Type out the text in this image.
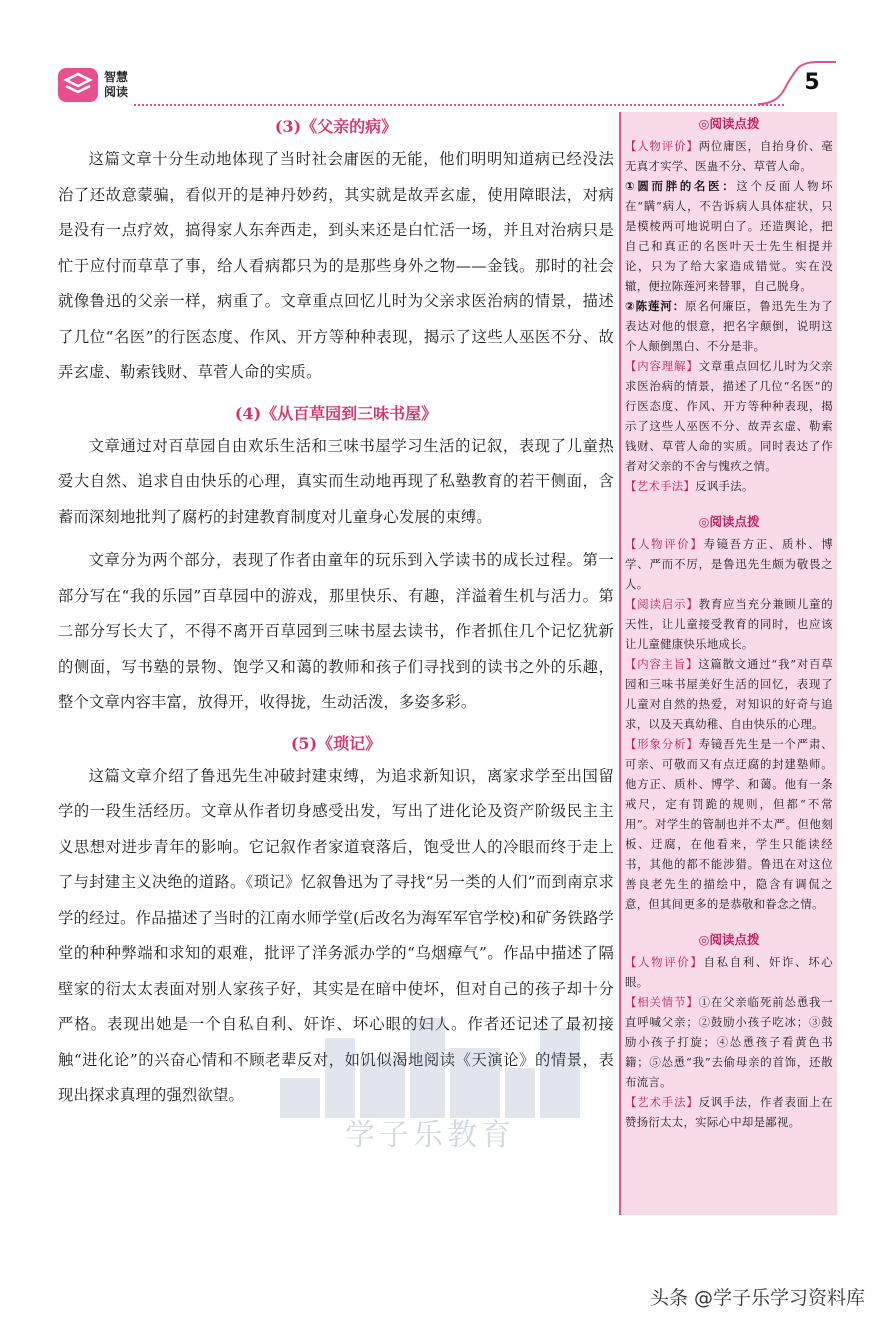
智慧阅读	5
(3)《父亲的病》

这篇文章十分生动地体现了当时社会庸医的无能，他们明明知道病已经没法治了还故意蒙骗，看似开的是神丹妙药，其实就是故弄玄虚，使用障眼法，对病是没有一点疗效，搞得家人东奔西走，到头来还是白忙活一场，并且对治病只是忙于应付而草草了事，给人看病都只为的是那些身外之物——金钱。那时的社会就像鲁迅的父亲一样，病重了。文章重点回忆儿时为父亲求医治病的情景，描述了几位“名医”的行医态度、作风、开方等种种表现，揭示了这些人巫医不分、故弄玄虚、勒索钱财、草菅人命的实质。

(4)《从百草园到三味书屋》

文章通过对百草园自由欢乐生活和三味书屋学习生活的记叙，表现了儿童热爱大自然、追求自由快乐的心理，真实而生动地再现了私塾教育的若干侧面，含蓄而深刻地批判了腐朽的封建教育制度对儿童身心发展的束缚。

文章分为两个部分，表现了作者由童年的玩乐到入学读书的成长过程。第一部分写在“我的乐园”百草园中的游戏，那里快乐、有趣，洋溢着生机与活力。第二部分写长大了，不得不离开百草园到三味书屋去读书，作者抓住几个记忆犹新的侧面，写书塾的景物、饱学又和蔼的教师和孩子们寻找到的读书之外的乐趣，整个文章内容丰富，放得开，收得拢，生动活泼，多姿多彩。

(5)《琐记》

这篇文章介绍了鲁迅先生冲破封建束缚，为追求新知识，离家求学至出国留学的一段生活经历。文章从作者切身感受出发，写出了进化论及资产阶级民主主义思想对进步青年的影响。它记叙作者家道衰落后，饱受世人的冷眼而终于走上了与封建主义决绝的道路。《琐记》忆叙鲁迅为了寻找“另一类的人们”而到南京求学的经过。作品描述了当时的江南水师学堂(后改名为海军军官学校)和矿务铁路学堂的种种弊端和求知的艰难，批评了洋务派办学的“乌烟瘴气”。作品中描述了隔壁家的衍太太表面对别人家孩子好，其实是在暗中使坏，但对自己的孩子却十分严格。表现出她是一个自私自利、奸诈、坏心眼的妇人。作者还记述了最初接触“进化论”的兴奋心情和不顾老辈反对，如饥似渴地阅读《天演论》的情景，表现出探求真理的强烈欲望。

◎阅读点拨

【人物评价】两位庸医，自抬身价、毫无真才实学、医蛊不分、草菅人命。

①圆而胖的名医：这个反面人物坏在“瞒”病人，不告诉病人具体症状，只是模棱两可地说明白了。还造舆论，把自己和真正的名医叶天士先生相提并论，只为了给大家造成错觉。实在没辙，便拉陈莲河来替罪，自己脱身。

②陈莲河：原名何廉臣，鲁迅先生为了表达对他的恨意，把名字颠倒，说明这个人颠倒黑白、不分是非。

【内容理解】文章重点回忆儿时为父亲求医治病的情景，描述了几位“名医”的行医态度、作风、开方等种种表现，揭示了这些人巫医不分、故弄玄虚、勒索钱财、草菅人命的实质。同时表达了作者对父亲的不舍与愧疚之情。

【艺术手法】反讽手法。

◎阅读点拨

【人物评价】寿镜吾方正、质朴、博学、严而不厉，是鲁迅先生颇为敬畏之人。

【阅读启示】教育应当充分兼顾儿童的天性，让儿童接受教育的同时，也应该让儿童健康快乐地成长。

【内容主旨】这篇散文通过“我”对百草园和三味书屋美好生活的回忆，表现了儿童对自然的热爱，对知识的好奇与追求，以及天真幼稚、自由快乐的心理。

【形象分析】寿镜吾先生是一个严肃、可亲、可敬而又有点迂腐的封建塾师。他方正、质朴、博学、和蔼。他有一条戒尺，定有罚跪的规则，但都“不常用”。对学生的管制也并不太严。但他刻板、迂腐，在他看来，学生只能读经书，其他的都不能涉猎。鲁迅在对这位善良老先生的描绘中，隐含有调侃之意，但其间更多的是恭敬和眷念之情。

◎阅读点拨

【人物评价】自私自利、奸诈、坏心眼。

【相关情节】①在父亲临死前怂恿我一直呼喊父亲；②鼓励小孩子吃冰；③鼓励小孩子打旋；④怂恿孩子看黄色书籍；⑤怂恿“我”去偷母亲的首饰，还散布流言。

【艺术手法】反讽手法，作者表面上在赞扬衍太太，实际心中却是鄙视。

学子乐教育
头条 @学子乐学习资料库
